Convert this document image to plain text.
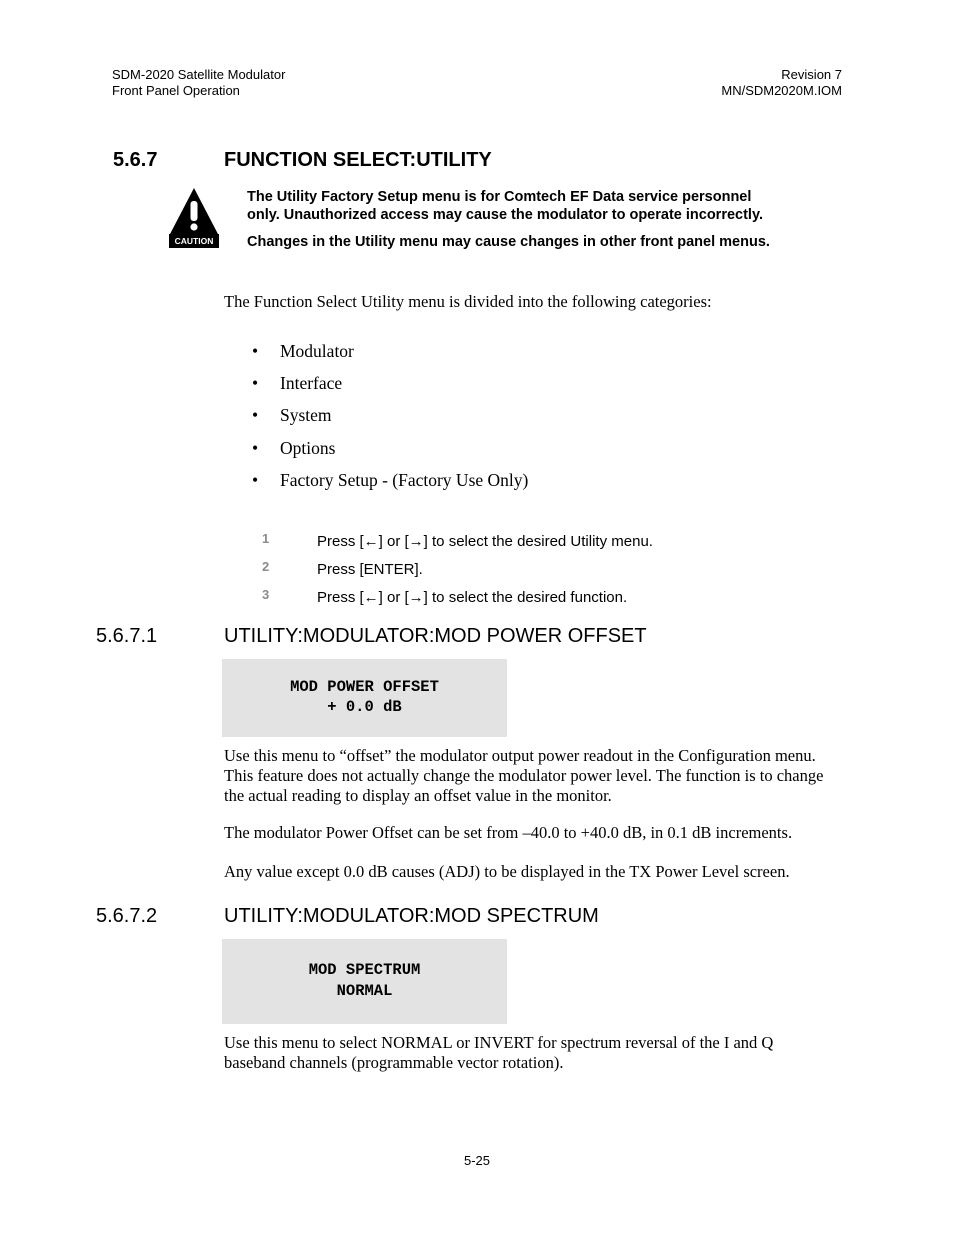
SDM-2020 Satellite Modulator
Front Panel Operation
Revision 7
MN/SDM2020M.IOM
5.6.7	FUNCTION SELECT:UTILITY
CAUTION

The Utility Factory Setup menu is for Comtech EF Data service personnel only. Unauthorized access may cause the modulator to operate incorrectly.

Changes in the Utility menu may cause changes in other front panel menus.

The Function Select Utility menu is divided into the following categories:
• Modulator
• Interface
• System
• Options
• Factory Setup - (Factory Use Only)
1	Press [←] or [→] to select the desired Utility menu.
2	Press [ENTER].
3	Press [←] or [→] to select the desired function.
5.6.7.1	UTILITY:MODULATOR:MOD POWER OFFSET
MOD POWER OFFSET
+ 0.0 dB
Use this menu to “offset” the modulator output power readout in the Configuration menu. This feature does not actually change the modulator power level. The function is to change the actual reading to display an offset value in the monitor.
The modulator Power Offset can be set from –40.0 to +40.0 dB, in 0.1 dB increments.
Any value except 0.0 dB causes (ADJ) to be displayed in the TX Power Level screen.
5.6.7.2	UTILITY:MODULATOR:MOD SPECTRUM
MOD SPECTRUM
NORMAL
Use this menu to select NORMAL or INVERT for spectrum reversal of the I and Q baseband channels (programmable vector rotation).
5-25
